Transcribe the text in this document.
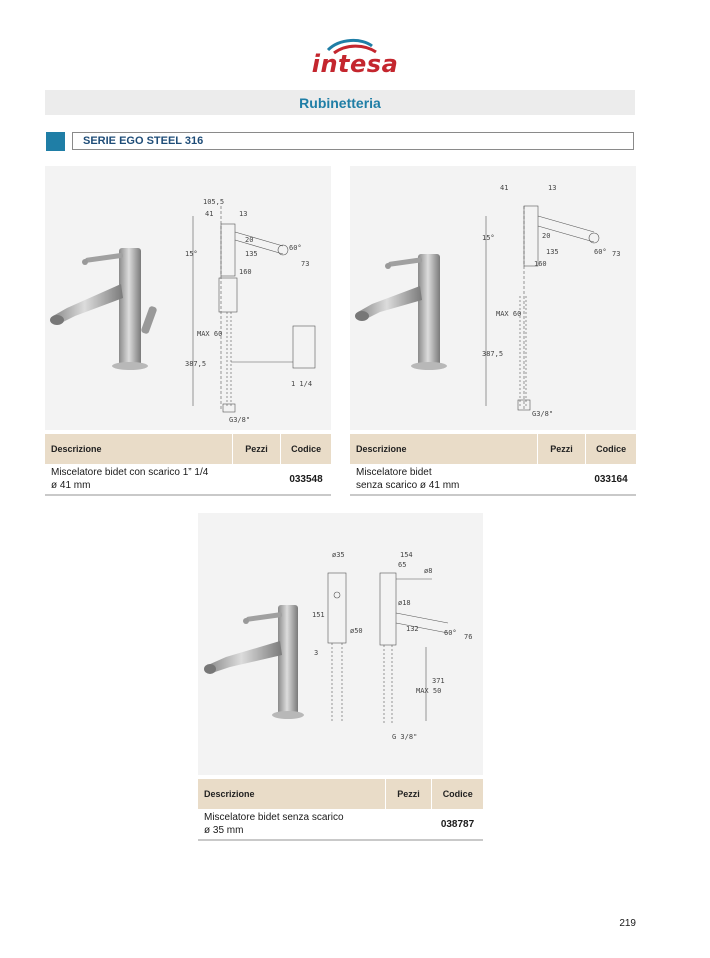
intesa
Rubinetteria
SERIE EGO STEEL 316
105,5
41	13
135
160
73
60°
15°
387,5
MAX 60
1 1/4
G3/8"
20
Descrizione	Pezzi	Codice
Miscelatore bidet con scarico 1” 1/4
ø 41 mm
033548
41	13
20
135
160
73
60°
15°
387,5
MAX 60
G3/8"
Descrizione	Pezzi	Codice
Miscelatore bidet
senza scarico ø 41 mm
033164
ø35	154
65
ø8
151
ø18
60°
132
76
ø50
3
MAX 50
371
G 3/8"
Descrizione	Pezzi	Codice
Miscelatore bidet senza scarico
ø 35 mm
038787
219
